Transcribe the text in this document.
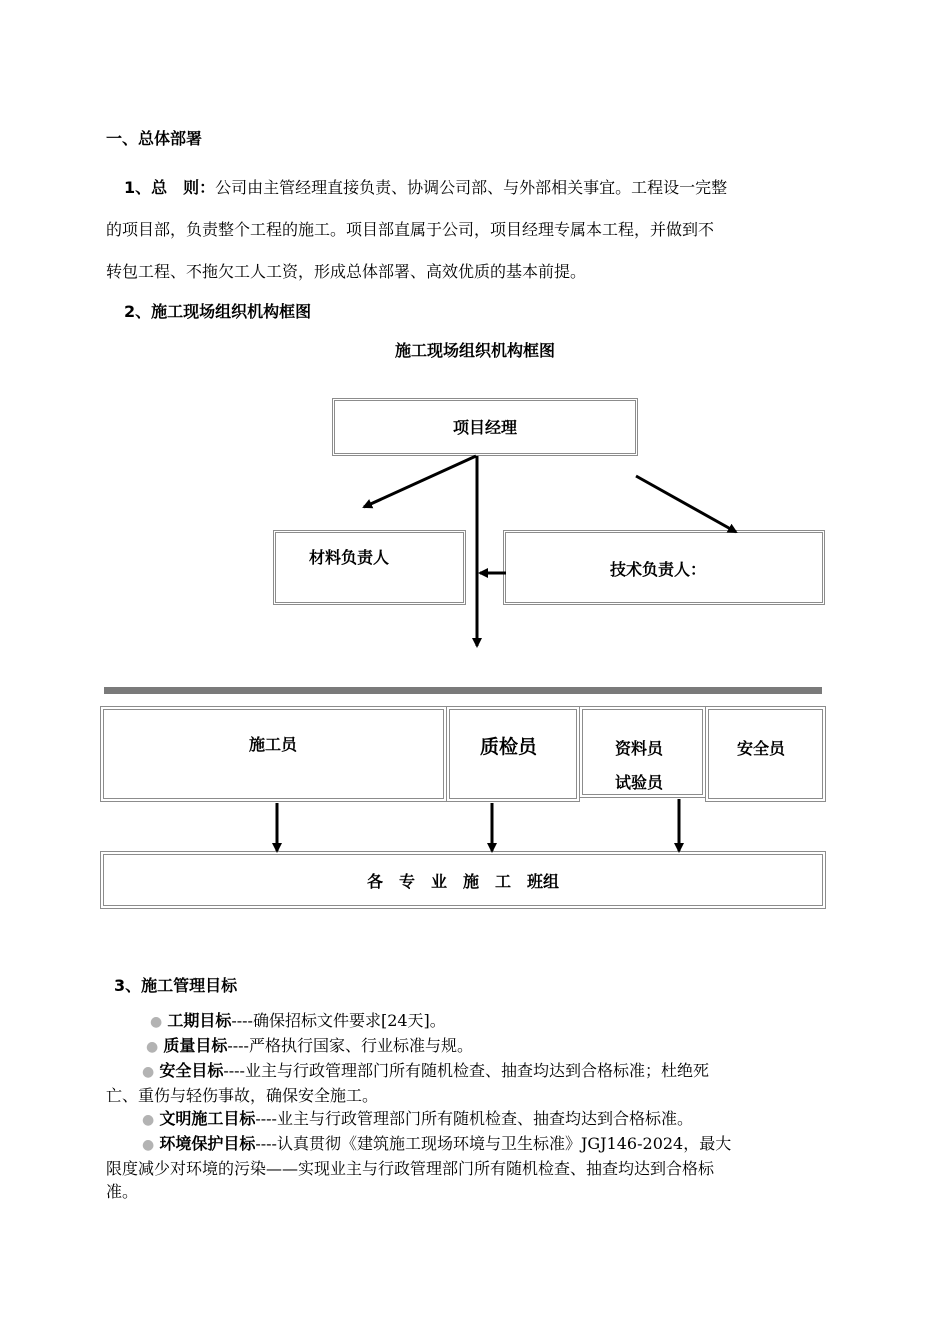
一、总体部署
1、总　则：公司由主管经理直接负责、协调公司部、与外部相关事宜。工程设一完整
的项目部，负责整个工程的施工。项目部直属于公司，项目经理专属本工程，并做到不
转包工程、不拖欠工人工资，形成总体部署、高效优质的基本前提。
2、施工现场组织机构框图
施工现场组织机构框图
项目经理
材料负责人
技术负责人：
施工员	质检员	资料员
试验员
安全员
各　专　业　施　工　班组
3、施工管理目标
● 工期目标----确保招标文件要求[24天]。
● 质量目标----严格执行国家、行业标准与规。
● 安全目标----业主与行政管理部门所有随机检查、抽查均达到合格标准；杜绝死
亡、重伤与轻伤事故，确保安全施工。
● 文明施工目标----业主与行政管理部门所有随机检查、抽查均达到合格标准。
● 环境保护目标----认真贯彻《建筑施工现场环境与卫生标准》JGJ146-2024，最大
限度减少对环境的污染——实现业主与行政管理部门所有随机检查、抽查均达到合格标
准。
